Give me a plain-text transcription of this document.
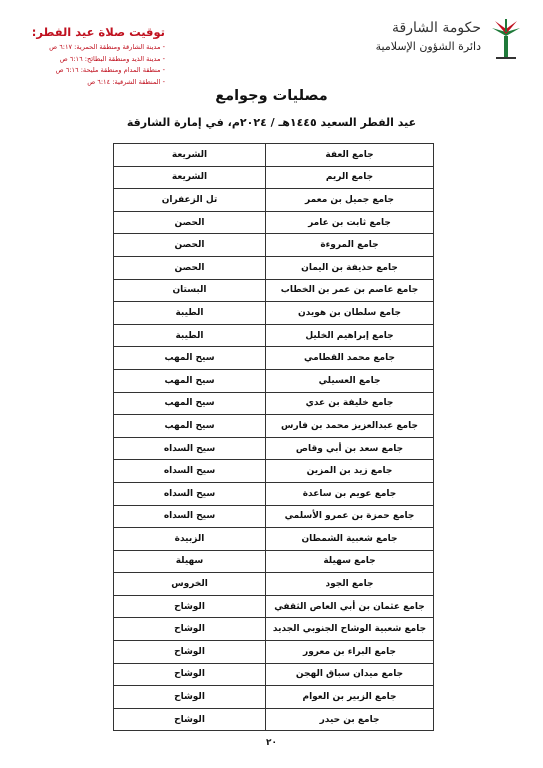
توقيت صلاة عيد الفطر:
- مدينة الشارقة ومنطقة الحمرية: ٦:١٧ ص
- مدينة الذيد ومنطقة البطائح: ٦:١٦ ص
- منطقة المدام ومنطقة مليحة: ٦:١٦ ص
- المنطقة الشرقية: ٦:١٤ ص
حكومة الشارقة
دائرة الشؤون الإسلامية
مصليات وجوامع
عيد الفطر السعيد ١٤٤٥هـ / ٢٠٢٤م، في إمارة الشارقة
جامع العفة	الشريعة
جامع الريم	الشريعة
جامع جميل بن معمر	تل الزعفران
جامع ثابت بن عامر	الحصن
جامع المروءة	الحصن
جامع حذيفة بن اليمان	الحصن
جامع عاصم بن عمر بن الخطاب	البستان
جامع سلطان بن هويدن	الطيبة
جامع إبراهيم الخليل	الطيبة
جامع محمد القطامي	سيح المهب
جامع العسيلي	سيح المهب
جامع خليفة بن عدي	سيح المهب
جامع عبدالعزيز محمد بن فارس	سيح المهب
جامع سعد بن أبي وقاص	سيح السداه
جامع زيد بن المزين	سيح السداه
جامع عويم بن ساعدة	سيح السداه
جامع حمزة بن عمرو الأسلمي	سيح السداه
جامع شعبية الشمطان	الزبيدة
جامع سهيلة	سهيلة
جامع الجود	الخروس
جامع عثمان بن أبي العاص الثقفي	الوشاح
جامع شعبية الوشاح الجنوبي الجديد	الوشاح
جامع البراء بن معرور	الوشاح
جامع ميدان سباق الهجن	الوشاح
جامع الزبير بن العوام	الوشاح
جامع بن حيدر	الوشاح
٢٠
